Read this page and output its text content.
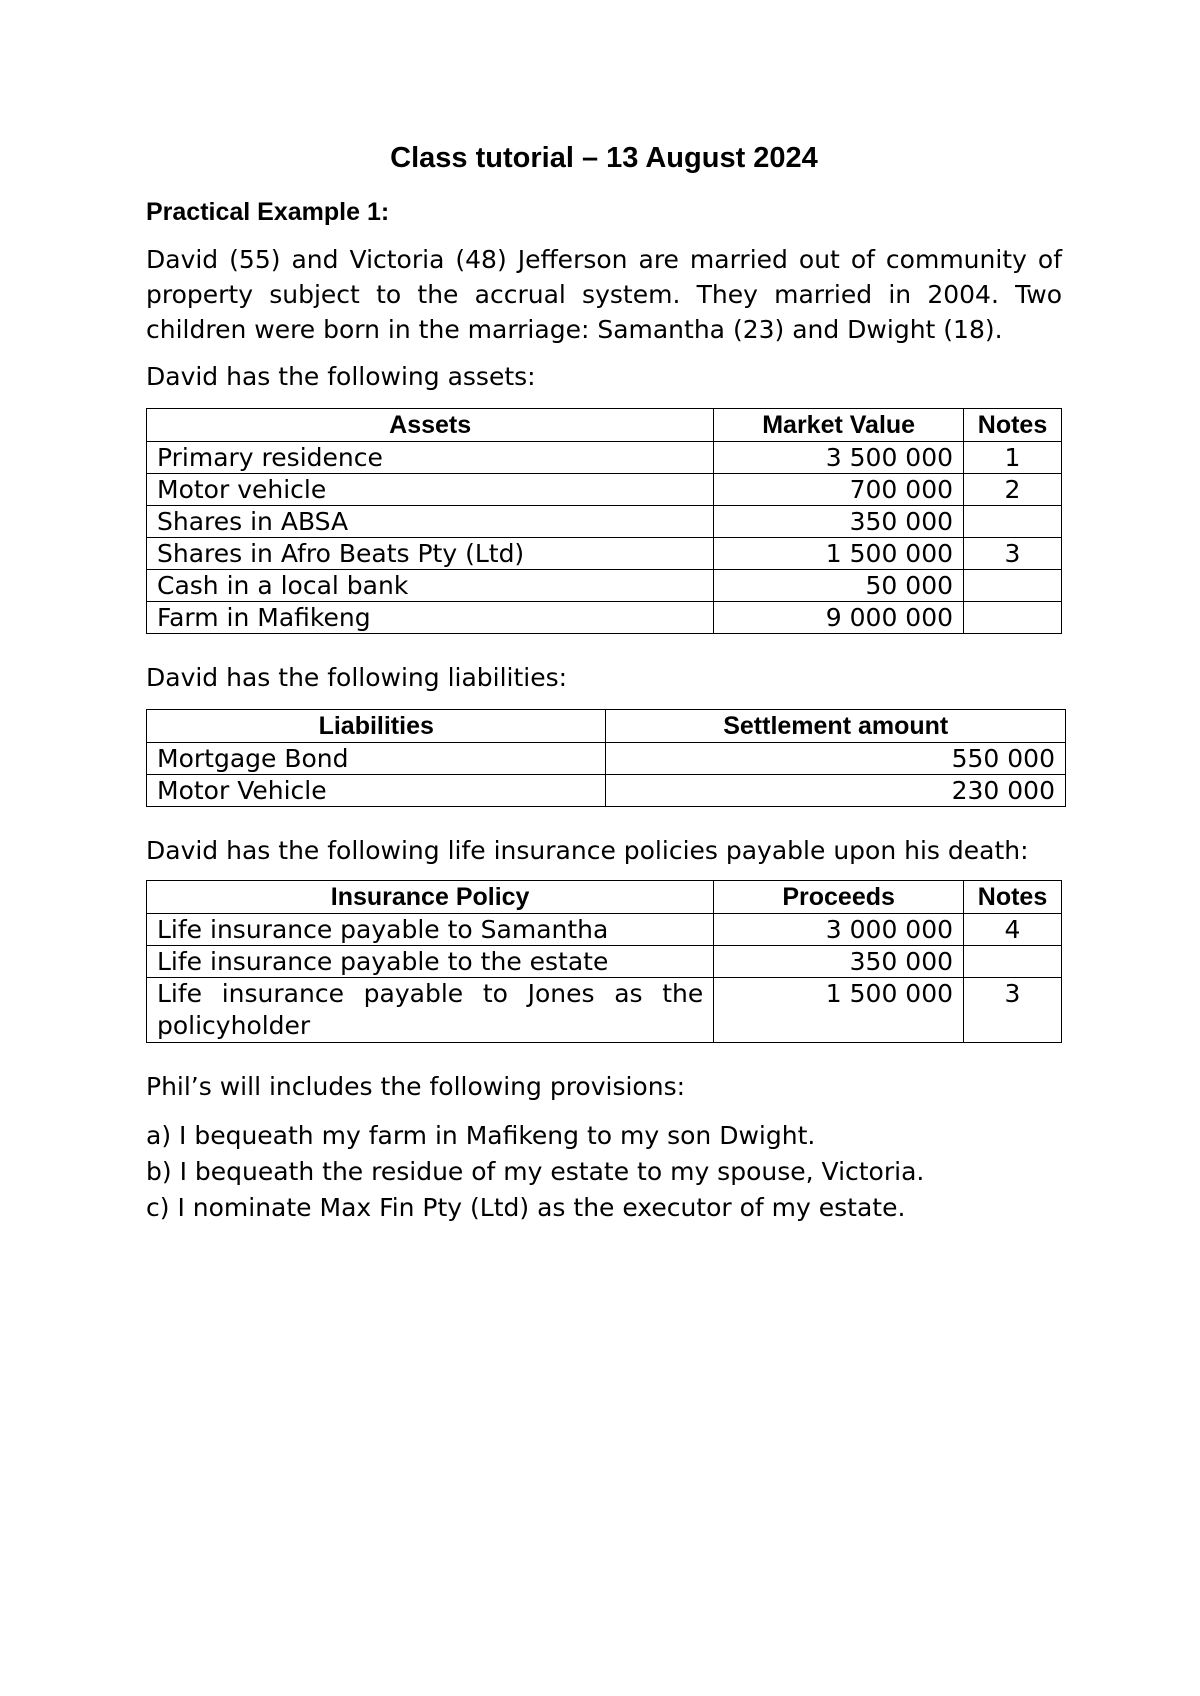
Class tutorial – 13 August 2024
Practical Example 1:

David (55) and Victoria (48) Jefferson are married out of community of property subject to the accrual system. They married in 2004. Two children were born in the marriage: Samantha (23) and Dwight (18).

David has the following assets:

Assets	Market Value	Notes
Primary residence	3 500 000	1
Motor vehicle	700 000	2
Shares in ABSA	350 000	
Shares in Afro Beats Pty (Ltd)	1 500 000	3
Cash in a local bank	50 000	
Farm in Mafikeng	9 000 000	

David has the following liabilities:

Liabilities	Settlement amount
Mortgage Bond	550 000
Motor Vehicle	230 000

David has the following life insurance policies payable upon his death:

Insurance Policy	Proceeds	Notes
Life insurance payable to Samantha	3 000 000	4
Life insurance payable to the estate	350 000	
Life insurance payable to Jones as the policyholder	1 500 000	3

Phil’s will includes the following provisions:

a) I bequeath my farm in Mafikeng to my son Dwight.
b) I bequeath the residue of my estate to my spouse, Victoria.
c) I nominate Max Fin Pty (Ltd) as the executor of my estate.
